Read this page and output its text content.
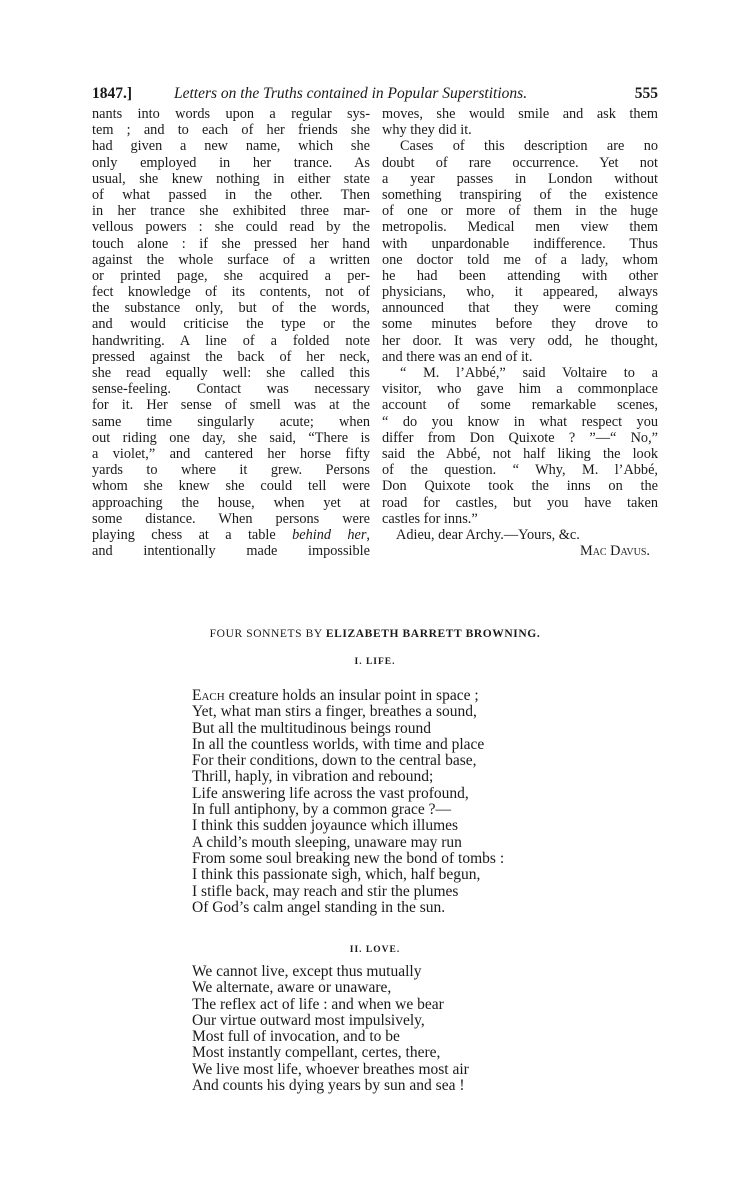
1847.]	Letters on the Truths contained in Popular Superstitions.	555
nants into words upon a regular sys-
tem ; and to each of her friends she
had given a new name, which she
only employed in her trance. As
usual, she knew nothing in either state
of what passed in the other. Then
in her trance she exhibited three mar-
vellous powers : she could read by the
touch alone : if she pressed her hand
against the whole surface of a written
or printed page, she acquired a per-
fect knowledge of its contents, not of
the substance only, but of the words,
and would criticise the type or the
handwriting. A line of a folded note
pressed against the back of her neck,
she read equally well: she called this
sense-feeling. Contact was necessary
for it. Her sense of smell was at the
same time singularly acute; when
out riding one day, she said, “There is
a violet,” and cantered her horse fifty
yards to where it grew. Persons
whom she knew she could tell were
approaching the house, when yet at
some distance. When persons were
playing chess at a table behind her,
and intentionally made impossible
moves, she would smile and ask them
why they did it.
Cases of this description are no
doubt of rare occurrence. Yet not
a year passes in London without
something transpiring of the existence
of one or more of them in the huge
metropolis. Medical men view them
with unpardonable indifference. Thus
one doctor told me of a lady, whom
he had been attending with other
physicians, who, it appeared, always
announced that they were coming
some minutes before they drove to
her door. It was very odd, he thought,
and there was an end of it.
“ M. l’Abbé,” said Voltaire to a
visitor, who gave him a commonplace
account of some remarkable scenes,
“ do you know in what respect you
differ from Don Quixote ? ”—“ No,”
said the Abbé, not half liking the look
of the question. “ Why, M. l’Abbé,
Don Quixote took the inns on the
road for castles, but you have taken
castles for inns.”
Adieu, dear Archy.—Yours, &c.
Mac Davus.
FOUR SONNETS BY ELIZABETH BARRETT BROWNING.
I. LIFE.
Each creature holds an insular point in space ;
Yet, what man stirs a finger, breathes a sound,
But all the multitudinous beings round
In all the countless worlds, with time and place
For their conditions, down to the central base,
Thrill, haply, in vibration and rebound;
Life answering life across the vast profound,
In full antiphony, by a common grace ?—
I think this sudden joyaunce which illumes
A child’s mouth sleeping, unaware may run
From some soul breaking new the bond of tombs :
I think this passionate sigh, which, half begun,
I stifle back, may reach and stir the plumes
Of God’s calm angel standing in the sun.
II. LOVE.
We cannot live, except thus mutually
We alternate, aware or unaware,
The reflex act of life : and when we bear
Our virtue outward most impulsively,
Most full of invocation, and to be
Most instantly compellant, certes, there,
We live most life, whoever breathes most air
And counts his dying years by sun and sea !
